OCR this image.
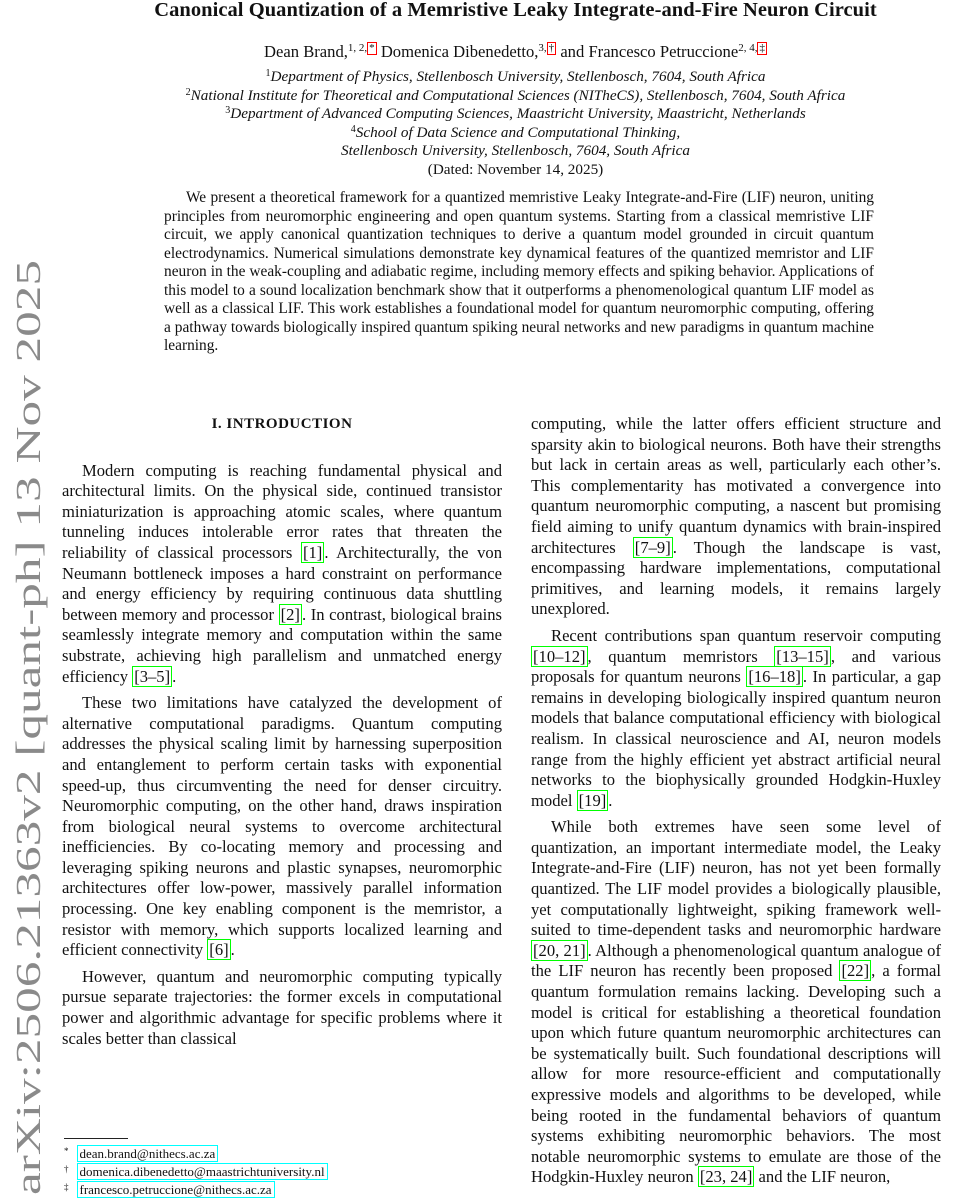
arXiv:2506.21363v2 [quant-ph] 13 Nov 2025
Canonical Quantization of a Memristive Leaky Integrate-and-Fire Neuron Circuit
Dean Brand,$^{1, 2,}$ * Domenica Dibenedetto,$^{3,}$ † and Francesco Petruccione$^{2, 4,}$ ‡
$^1$Department of Physics, Stellenbosch University, Stellenbosch, 7604, South Africa
$^2$National Institute for Theoretical and Computational Sciences (NITheCS), Stellenbosch, 7604, South Africa
$^3$Department of Advanced Computing Sciences, Maastricht University, Maastricht, Netherlands
$^4$School of Data Science and Computational Thinking,
Stellenbosch University, Stellenbosch, 7604, South Africa
(Dated: November 14, 2025)

We present a theoretical framework for a quantized memristive Leaky Integrate-and-Fire (LIF) neuron, uniting principles from neuromorphic engineering and open quantum systems. Starting from a classical memristive LIF circuit, we apply canonical quantization techniques to derive a quantum model grounded in circuit quantum electrodynamics. Numerical simulations demonstrate key dynamical features of the quantized memristor and LIF neuron in the weak-coupling and adiabatic regime, including memory effects and spiking behavior. Applications of this model to a sound localization benchmark show that it outperforms a phenomenological quantum LIF model as well as a classical LIF. This work establishes a foundational model for quantum neuromorphic computing, offering a pathway towards biologically inspired quantum spiking neural networks and new paradigms in quantum machine learning.

I. INTRODUCTION

Modern computing is reaching fundamental physical and architectural limits. On the physical side, continued transistor miniaturization is approaching atomic scales, where quantum tunneling induces intolerable error rates that threaten the reliability of classical processors [1] . Architecturally, the von Neumann bottleneck imposes a hard constraint on performance and energy efficiency by requiring continuous data shuttling between memory and processor [2] . In contrast, biological brains seamlessly integrate memory and computation within the same substrate, achieving high parallelism and unmatched energy efficiency [3–5] .

These two limitations have catalyzed the development of alternative computational paradigms. Quantum computing addresses the physical scaling limit by harnessing superposition and entanglement to perform certain tasks with exponential speed-up, thus circumventing the need for denser circuitry. Neuromorphic computing, on the other hand, draws inspiration from biological neural systems to overcome architectural inefficiencies. By co-locating memory and processing and leveraging spiking neurons and plastic synapses, neuromorphic architectures offer low-power, massively parallel information processing. One key enabling component is the memristor, a resistor with memory, which supports localized learning and efficient connectivity [6] .

However, quantum and neuromorphic computing typically pursue separate trajectories: the former excels in computational power and algorithmic advantage for specific problems where it scales better than classical

computing, while the latter offers efficient structure and sparsity akin to biological neurons. Both have their strengths but lack in certain areas as well, particularly each other’s. This complementarity has motivated a convergence into quantum neuromorphic computing, a nascent but promising field aiming to unify quantum dynamics with brain-inspired architectures [7–9] . Though the landscape is vast, encompassing hardware implementations, computational primitives, and learning models, it remains largely unexplored.

Recent contributions span quantum reservoir computing [10–12] , quantum memristors [13–15] , and various proposals for quantum neurons [16–18] . In particular, a gap remains in developing biologically inspired quantum neuron models that balance computational efficiency with biological realism. In classical neuroscience and AI, neuron models range from the highly efficient yet abstract artificial neural networks to the biophysically grounded Hodgkin-Huxley model [19] .

While both extremes have seen some level of quantization, an important intermediate model, the Leaky Integrate-and-Fire (LIF) neuron, has not yet been formally quantized. The LIF model provides a biologically plausible, yet computationally lightweight, spiking framework well-suited to time-dependent tasks and neuromorphic hardware [20, 21] . Although a phenomenological quantum analogue of the LIF neuron has recently been proposed [22] , a formal quantum formulation remains lacking. Developing such a model is critical for establishing a theoretical foundation upon which future quantum neuromorphic architectures can be systematically built. Such foundational descriptions will allow for more resource-efficient and computationally expressive models and algorithms to be developed, while being rooted in the fundamental behaviors of quantum systems exhibiting neuromorphic behaviors. The most notable neuromorphic systems to emulate are those of the Hodgkin-Huxley neuron [23, 24] and the LIF neuron,

* dean.brand@nithecs.ac.za
† domenica.dibenedetto@maastrichtuniversity.nl
‡ francesco.petruccione@nithecs.ac.za
